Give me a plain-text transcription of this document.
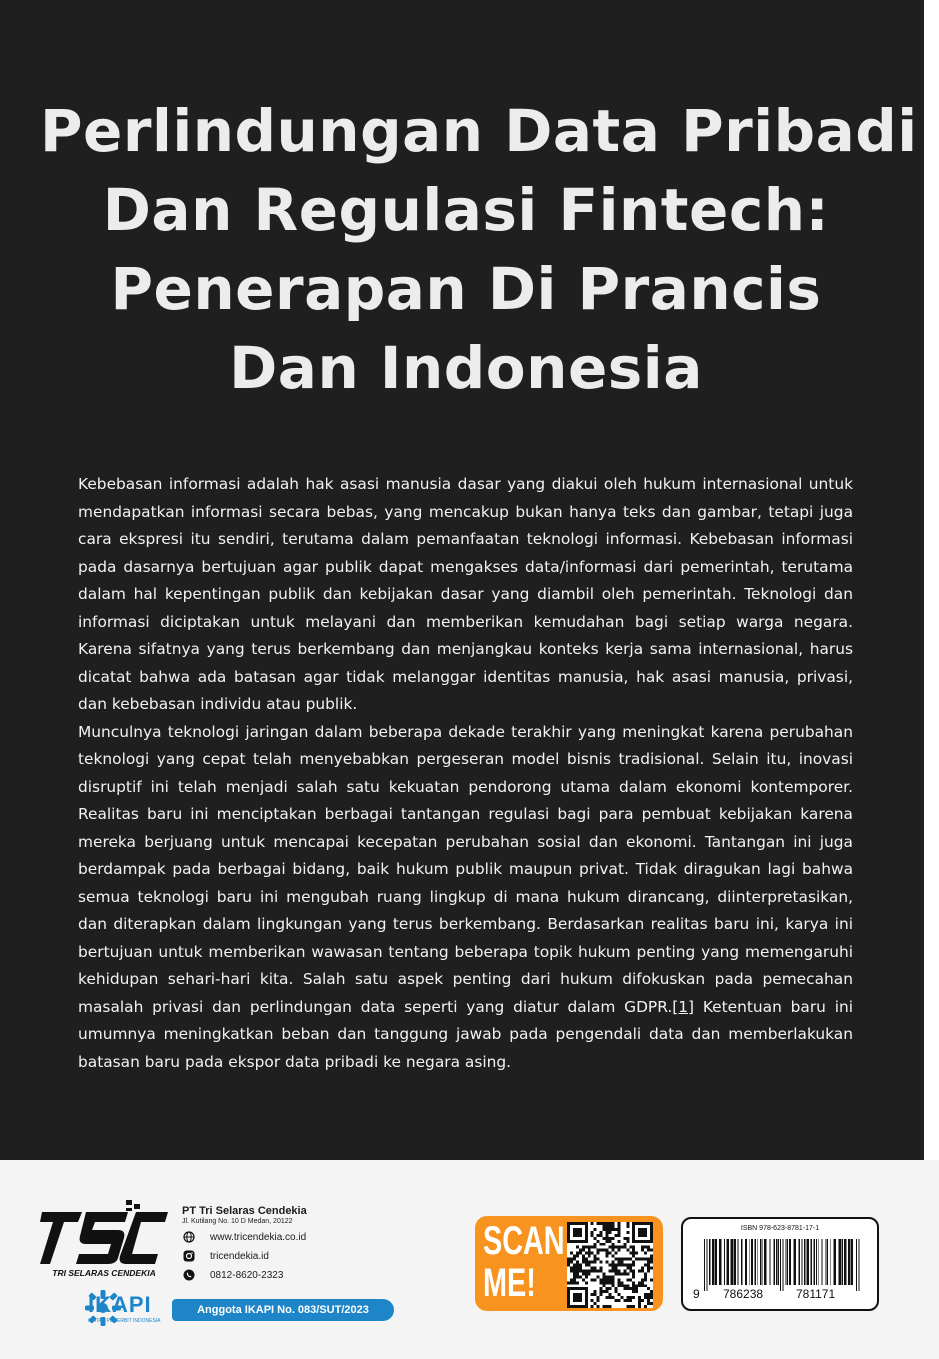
Perlindungan Data Pribadi
Dan Regulasi Fintech:
Penerapan Di Prancis
Dan Indonesia

Kebebasan informasi adalah hak asasi manusia dasar yang diakui oleh hukum internasional untuk mendapatkan informasi secara bebas, yang mencakup bukan hanya teks dan gambar, tetapi juga cara ekspresi itu sendiri, terutama dalam pemanfaatan teknologi informasi. Kebebasan informasi pada dasarnya bertujuan agar publik dapat mengakses data/informasi dari pemerintah, terutama dalam hal kepentingan publik dan kebijakan dasar yang diambil oleh pemerintah. Teknologi dan informasi diciptakan untuk melayani dan memberikan kemudahan bagi setiap warga negara. Karena sifatnya yang terus berkembang dan menjangkau konteks kerja sama internasional, harus dicatat bahwa ada batasan agar tidak melanggar identitas manusia, hak asasi manusia, privasi, dan kebebasan individu atau publik.

Munculnya teknologi jaringan dalam beberapa dekade terakhir yang meningkat karena perubahan teknologi yang cepat telah menyebabkan pergeseran model bisnis tradisional. Selain itu, inovasi disruptif ini telah menjadi salah satu kekuatan pendorong utama dalam ekonomi kontemporer. Realitas baru ini menciptakan berbagai tantangan regulasi bagi para pembuat kebijakan karena mereka berjuang untuk mencapai kecepatan perubahan sosial dan ekonomi. Tantangan ini juga berdampak pada berbagai bidang, baik hukum publik maupun privat. Tidak diragukan lagi bahwa semua teknologi baru ini mengubah ruang lingkup di mana hukum dirancang, diinterpretasikan, dan diterapkan dalam lingkungan yang terus berkembang. Berdasarkan realitas baru ini, karya ini bertujuan untuk memberikan wawasan tentang beberapa topik hukum penting yang memengaruhi kehidupan sehari-hari kita. Salah satu aspek penting dari hukum difokuskan pada pemecahan masalah privasi dan perlindungan data seperti yang diatur dalam GDPR.[1] Ketentuan baru ini umumnya meningkatkan beban dan tanggung jawab pada pengendali data dan memberlakukan batasan baru pada ekspor data pribadi ke negara asing.

TRI SELARAS CENDEKIA
PT Tri Selaras Cendekia
Jl. Kutilang No. 10 D Medan, 20122
www.tricendekia.co.id
tricendekia.id
0812-8620-2323
IKAPI
IKATAN PENERBIT INDONESIA
Anggota IKAPI No. 083/SUT/2023
SCAN
ME!
ISBN 978-623-8781-17-1
9 786238	781171
